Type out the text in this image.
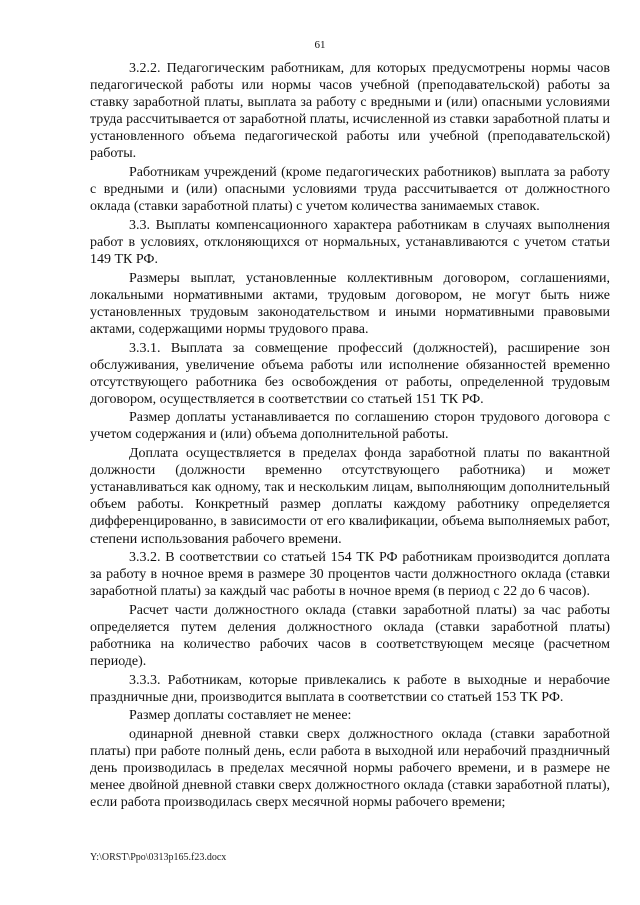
61

3.2.2. Педагогическим работникам, для которых предусмотрены нормы часов педагогической работы или нормы часов учебной (преподавательской) работы за ставку заработной платы, выплата за работу с вредными и (или) опасными условиями труда рассчитывается от заработной платы, исчисленной из ставки заработной платы и установленного объема педагогической работы или учебной (преподавательской) работы.

Работникам учреждений (кроме педагогических работников) выплата за работу с вредными и (или) опасными условиями труда рассчитывается от должностного оклада (ставки заработной платы) с учетом количества занимаемых ставок.

3.3. Выплаты компенсационного характера работникам в случаях выполнения работ в условиях, отклоняющихся от нормальных, устанавливаются с учетом статьи 149 ТК РФ.

Размеры выплат, установленные коллективным договором, соглашениями, локальными нормативными актами, трудовым договором, не могут быть ниже установленных трудовым законодательством и иными нормативными правовыми актами, содержащими нормы трудового права.

3.3.1. Выплата за совмещение профессий (должностей), расширение зон обслуживания, увеличение объема работы или исполнение обязанностей временно отсутствующего работника без освобождения от работы, определенной трудовым договором, осуществляется в соответствии со статьей 151 ТК РФ.

Размер доплаты устанавливается по соглашению сторон трудового договора с учетом содержания и (или) объема дополнительной работы.

Доплата осуществляется в пределах фонда заработной платы по вакантной должности (должности временно отсутствующего работника) и может устанавливаться как одному, так и нескольким лицам, выполняющим дополнительный объем работы. Конкретный размер доплаты каждому работнику определяется дифференцированно, в зависимости от его квалификации, объема выполняемых работ, степени использования рабочего времени.

3.3.2. В соответствии со статьей 154 ТК РФ работникам производится доплата за работу в ночное время в размере 30 процентов части должностного оклада (ставки заработной платы) за каждый час работы в ночное время (в период с 22 до 6 часов).

Расчет части должностного оклада (ставки заработной платы) за час работы определяется путем деления должностного оклада (ставки заработной платы) работника на количество рабочих часов в соответствующем месяце (расчетном периоде).

3.3.3. Работникам, которые привлекались к работе в выходные и нерабочие праздничные дни, производится выплата в соответствии со статьей 153 ТК РФ.

Размер доплаты составляет не менее:

одинарной дневной ставки сверх должностного оклада (ставки заработной платы) при работе полный день, если работа в выходной или нерабочий праздничный день производилась в пределах месячной нормы рабочего времени, и в размере не менее двойной дневной ставки сверх должностного оклада (ставки заработной платы), если работа производилась сверх месячной нормы рабочего времени;

Y:\ORST\Ppo\0313p165.f23.docx
